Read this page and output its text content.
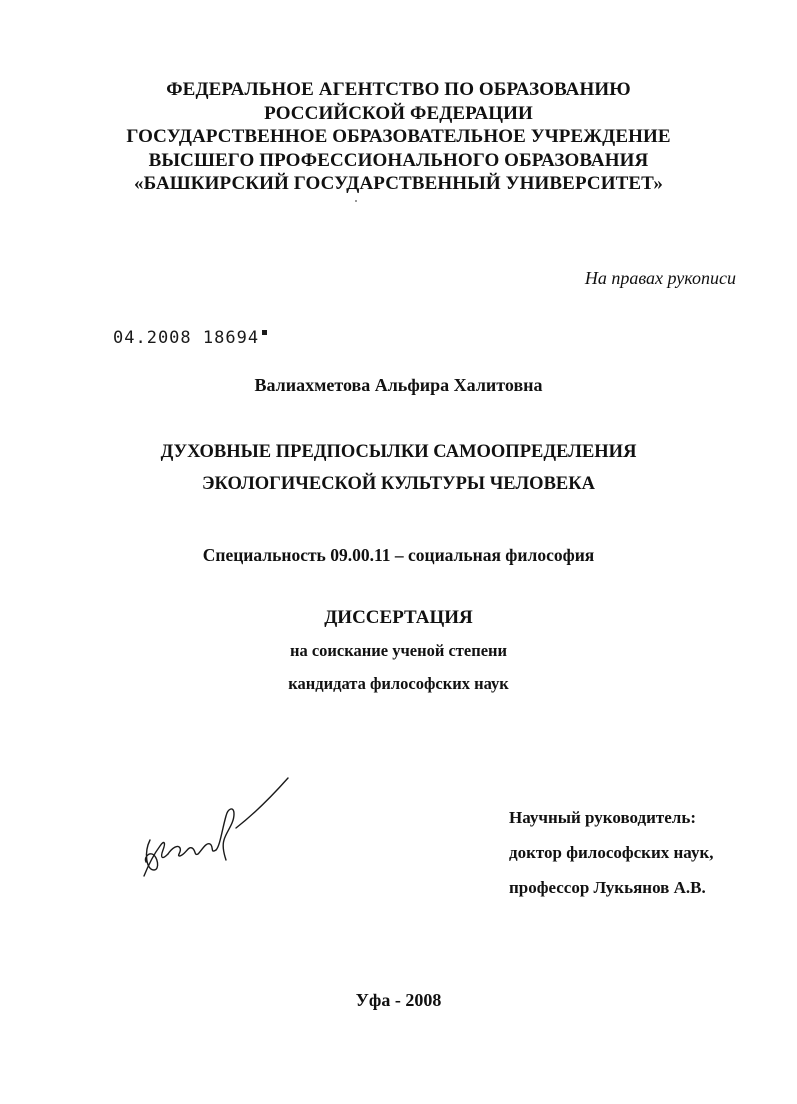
ФЕДЕРАЛЬНОЕ АГЕНТСТВО ПО ОБРАЗОВАНИЮ
РОССИЙСКОЙ ФЕДЕРАЦИИ
ГОСУДАРСТВЕННОЕ ОБРАЗОВАТЕЛЬНОЕ УЧРЕЖДЕНИЕ
ВЫСШЕГО ПРОФЕССИОНАЛЬНОГО ОБРАЗОВАНИЯ
«БАШКИРСКИЙ ГОСУДАРСТВЕННЫЙ УНИВЕРСИТЕТ»
На правах рукописи
04.2008 18694
Валиахметова Альфира Халитовна
ДУХОВНЫЕ ПРЕДПОСЫЛКИ САМООПРЕДЕЛЕНИЯ
ЭКОЛОГИЧЕСКОЙ КУЛЬТУРЫ ЧЕЛОВЕКА
Специальность 09.00.11 – социальная философия
ДИССЕРТАЦИЯ
на соискание ученой степени
кандидата философских наук
Научный руководитель:
доктор философских наук,
профессор Лукьянов А.В.
Уфа - 2008
